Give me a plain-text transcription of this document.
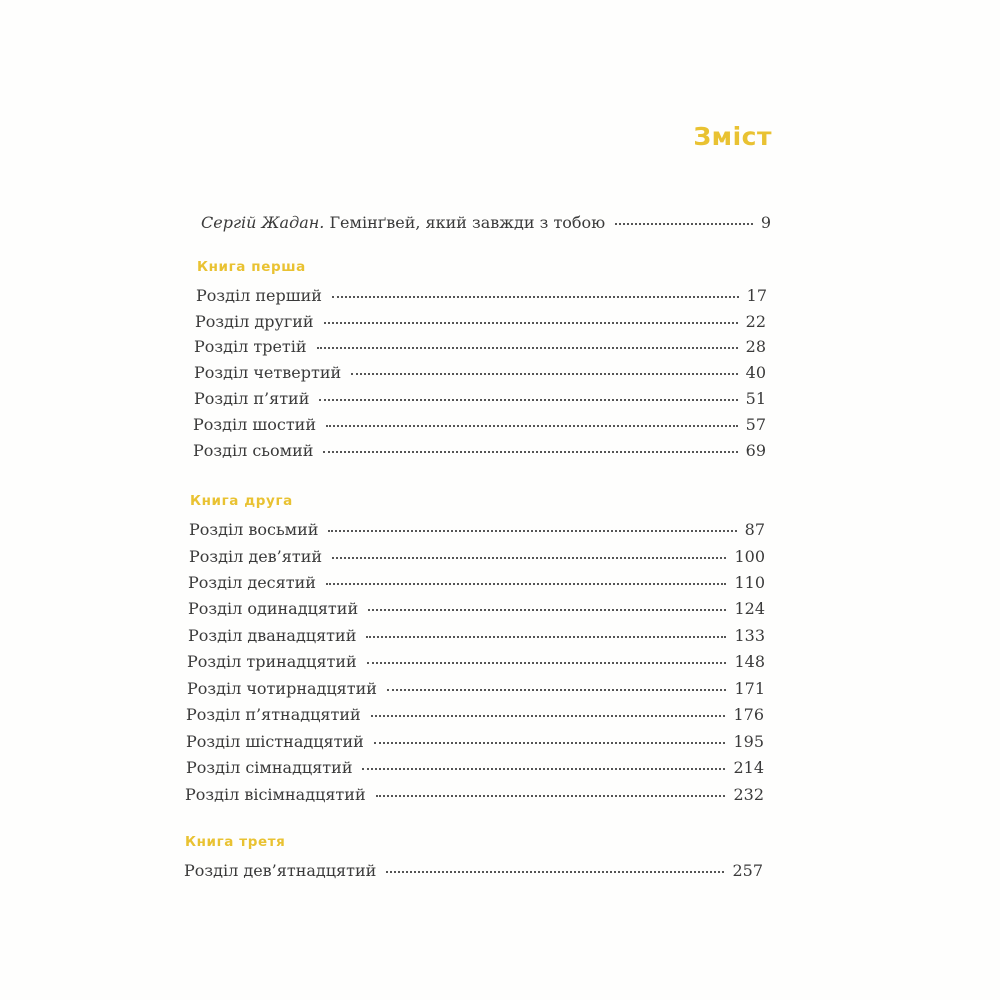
Зміст
Сергій Жадан. Гемінґвей, який завжди з тобою	9
Книга перша
Розділ перший	17
Розділ другий	22
Розділ третій	28
Розділ четвертий	40
Розділ п’ятий	51
Розділ шостий	57
Розділ сьомий	69
Книга друга
Розділ восьмий	87
Розділ дев’ятий	100
Розділ десятий	110
Розділ одинадцятий	124
Розділ дванадцятий	133
Розділ тринадцятий	148
Розділ чотирнадцятий	171
Розділ п’ятнадцятий	176
Розділ шістнадцятий	195
Розділ сімнадцятий	214
Розділ вісімнадцятий	232
Книга третя
Розділ дев’ятнадцятий	257
